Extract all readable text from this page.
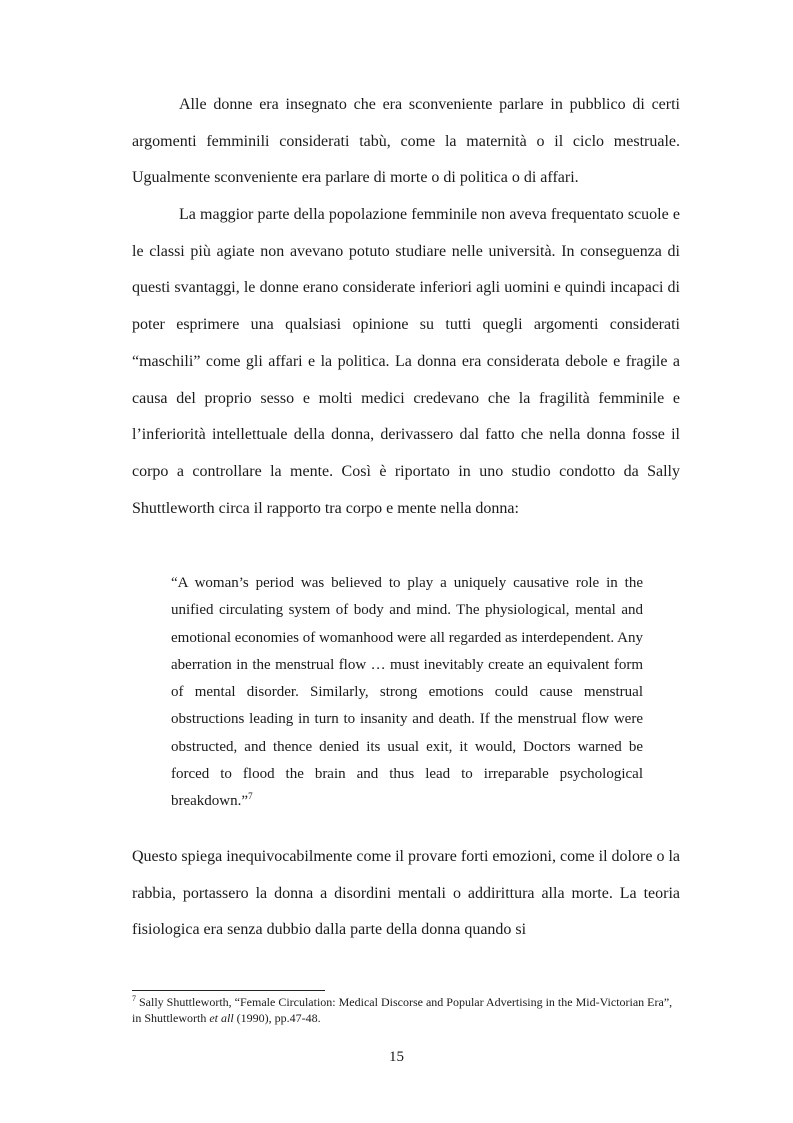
Alle donne era insegnato che era sconveniente parlare in pubblico di certi argomenti femminili considerati tabù, come la maternità o il ciclo mestruale. Ugualmente sconveniente era parlare di morte o di politica o di affari.

La maggior parte della popolazione femminile non aveva frequentato scuole e le classi più agiate non avevano potuto studiare nelle università. In conseguenza di questi svantaggi, le donne erano considerate inferiori agli uomini e quindi incapaci di poter esprimere una qualsiasi opinione su tutti quegli argomenti considerati “maschili” come gli affari e la politica. La donna era considerata debole e fragile a causa del proprio sesso e molti medici credevano che la fragilità femminile e l’inferiorità intellettuale della donna, derivassero dal fatto che nella donna fosse il corpo a controllare la mente. Così è riportato in uno studio condotto da Sally Shuttleworth circa il rapporto tra corpo e mente nella donna:

“A woman’s period was believed to play a uniquely causative role in the unified circulating system of body and mind. The physiological, mental and emotional economies of womanhood were all regarded as interdependent. Any aberration in the menstrual flow … must inevitably create an equivalent form of mental disorder. Similarly, strong emotions could cause menstrual obstructions leading in turn to insanity and death. If the menstrual flow were obstructed, and thence denied its usual exit, it would, Doctors warned be forced to flood the brain and thus lead to irreparable psychological breakdown.”$^7$

Questo spiega inequivocabilmente come il provare forti emozioni, come il dolore o la rabbia, portassero la donna a disordini mentali o addirittura alla morte. La teoria fisiologica era senza dubbio dalla parte della donna quando si

$^7$ Sally Shuttleworth, “Female Circulation: Medical Discorse and Popular Advertising in the Mid-Victorian Era”, in Shuttleworth et all (1990), pp.47-48.

15
